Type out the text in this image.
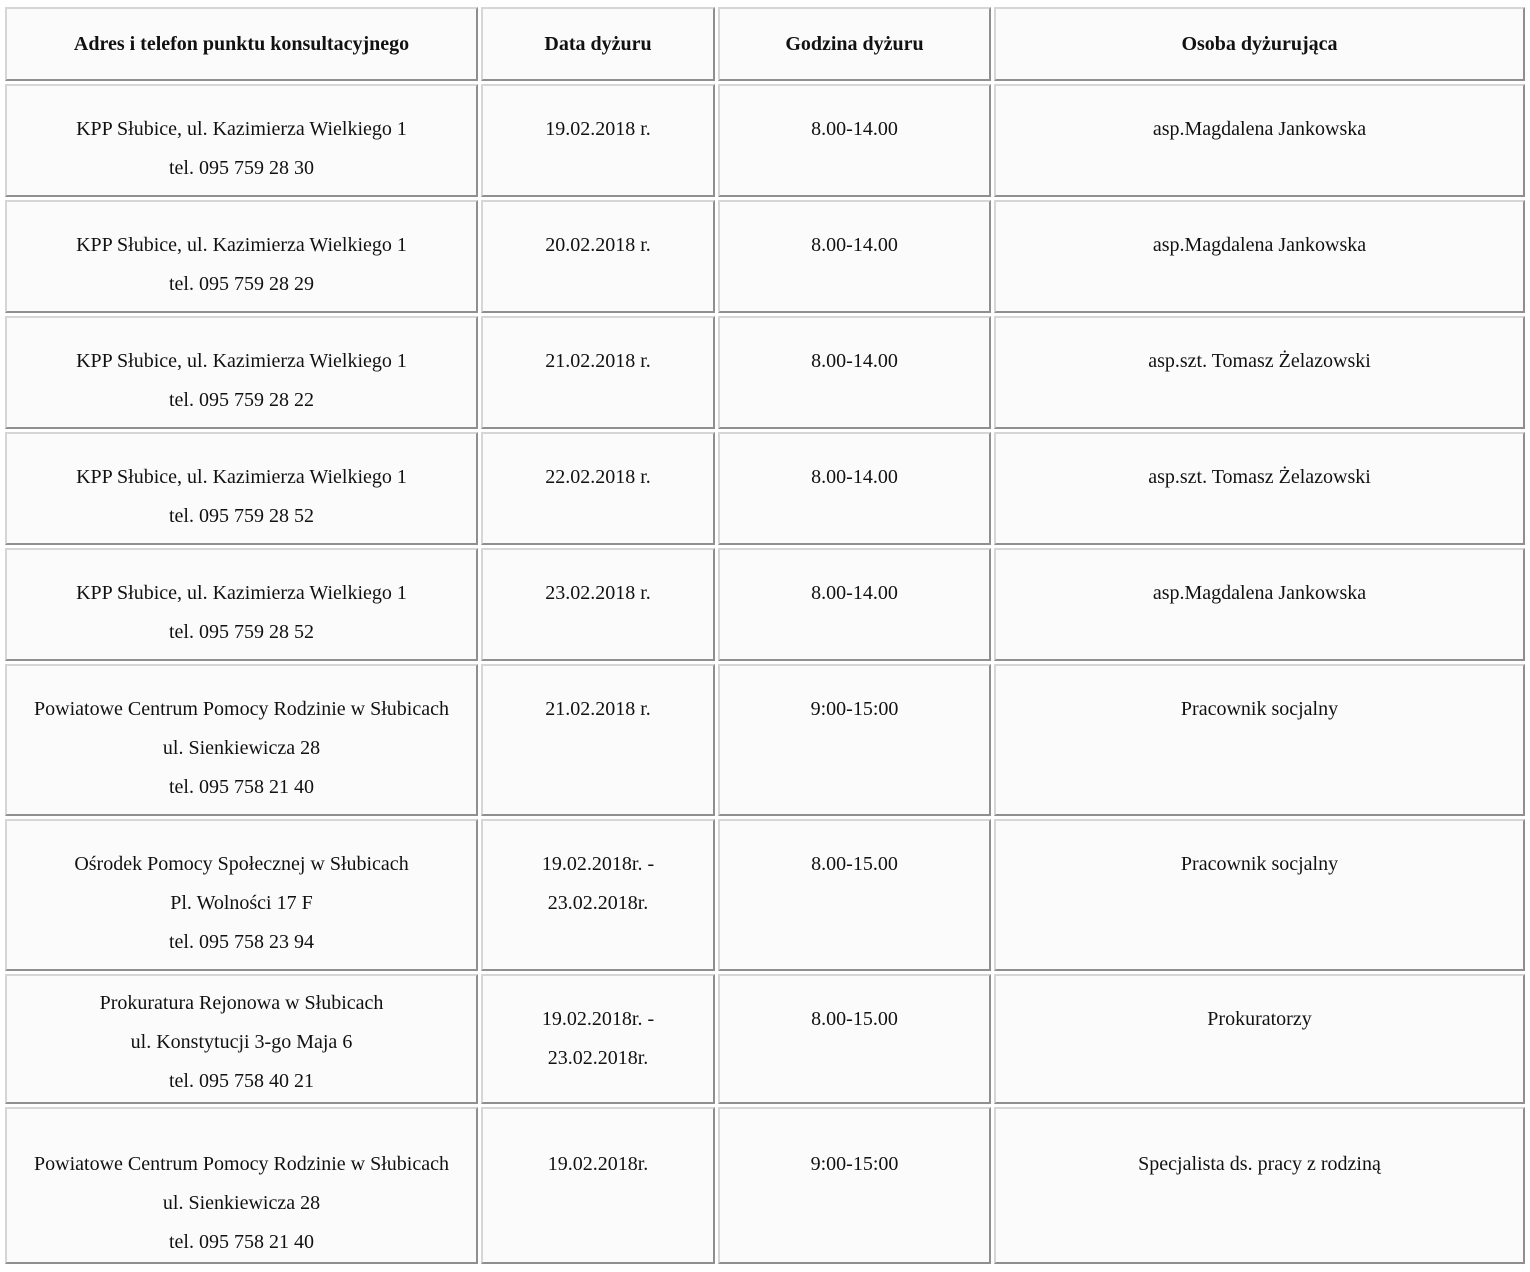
Adres i telefon punktu konsultacyjnego	Data dyżuru	Godzina dyżuru	Osoba dyżurująca

KPP Słubice, ul. Kazimierza Wielkiego 1
tel. 095 759 28 30	19.02.2018 r.	8.00-14.00	asp.Magdalena Jankowska

KPP Słubice, ul. Kazimierza Wielkiego 1
tel. 095 759 28 29	20.02.2018 r.	8.00-14.00	asp.Magdalena Jankowska

KPP Słubice, ul. Kazimierza Wielkiego 1
tel. 095 759 28 22	21.02.2018 r.	8.00-14.00	asp.szt. Tomasz Żelazowski

KPP Słubice, ul. Kazimierza Wielkiego 1
tel. 095 759 28 52	22.02.2018 r.	8.00-14.00	asp.szt. Tomasz Żelazowski

KPP Słubice, ul. Kazimierza Wielkiego 1
tel. 095 759 28 52	23.02.2018 r.	8.00-14.00	asp.Magdalena Jankowska

Powiatowe Centrum Pomocy Rodzinie w Słubicach
ul. Sienkiewicza 28
tel. 095 758 21 40	21.02.2018 r.	9:00-15:00	Pracownik socjalny

Ośrodek Pomocy Społecznej w Słubicach
Pl. Wolności 17 F
tel. 095 758 23 94	19.02.2018r. -
23.02.2018r.	8.00-15.00	Pracownik socjalny

Prokuratura Rejonowa w Słubicach
ul. Konstytucji 3-go Maja 6
tel. 095 758 40 21	19.02.2018r. -
23.02.2018r.	8.00-15.00	Prokuratorzy

Powiatowe Centrum Pomocy Rodzinie w Słubicach
ul. Sienkiewicza 28
tel. 095 758 21 40	19.02.2018r.	9:00-15:00	Specjalista ds. pracy z rodziną
